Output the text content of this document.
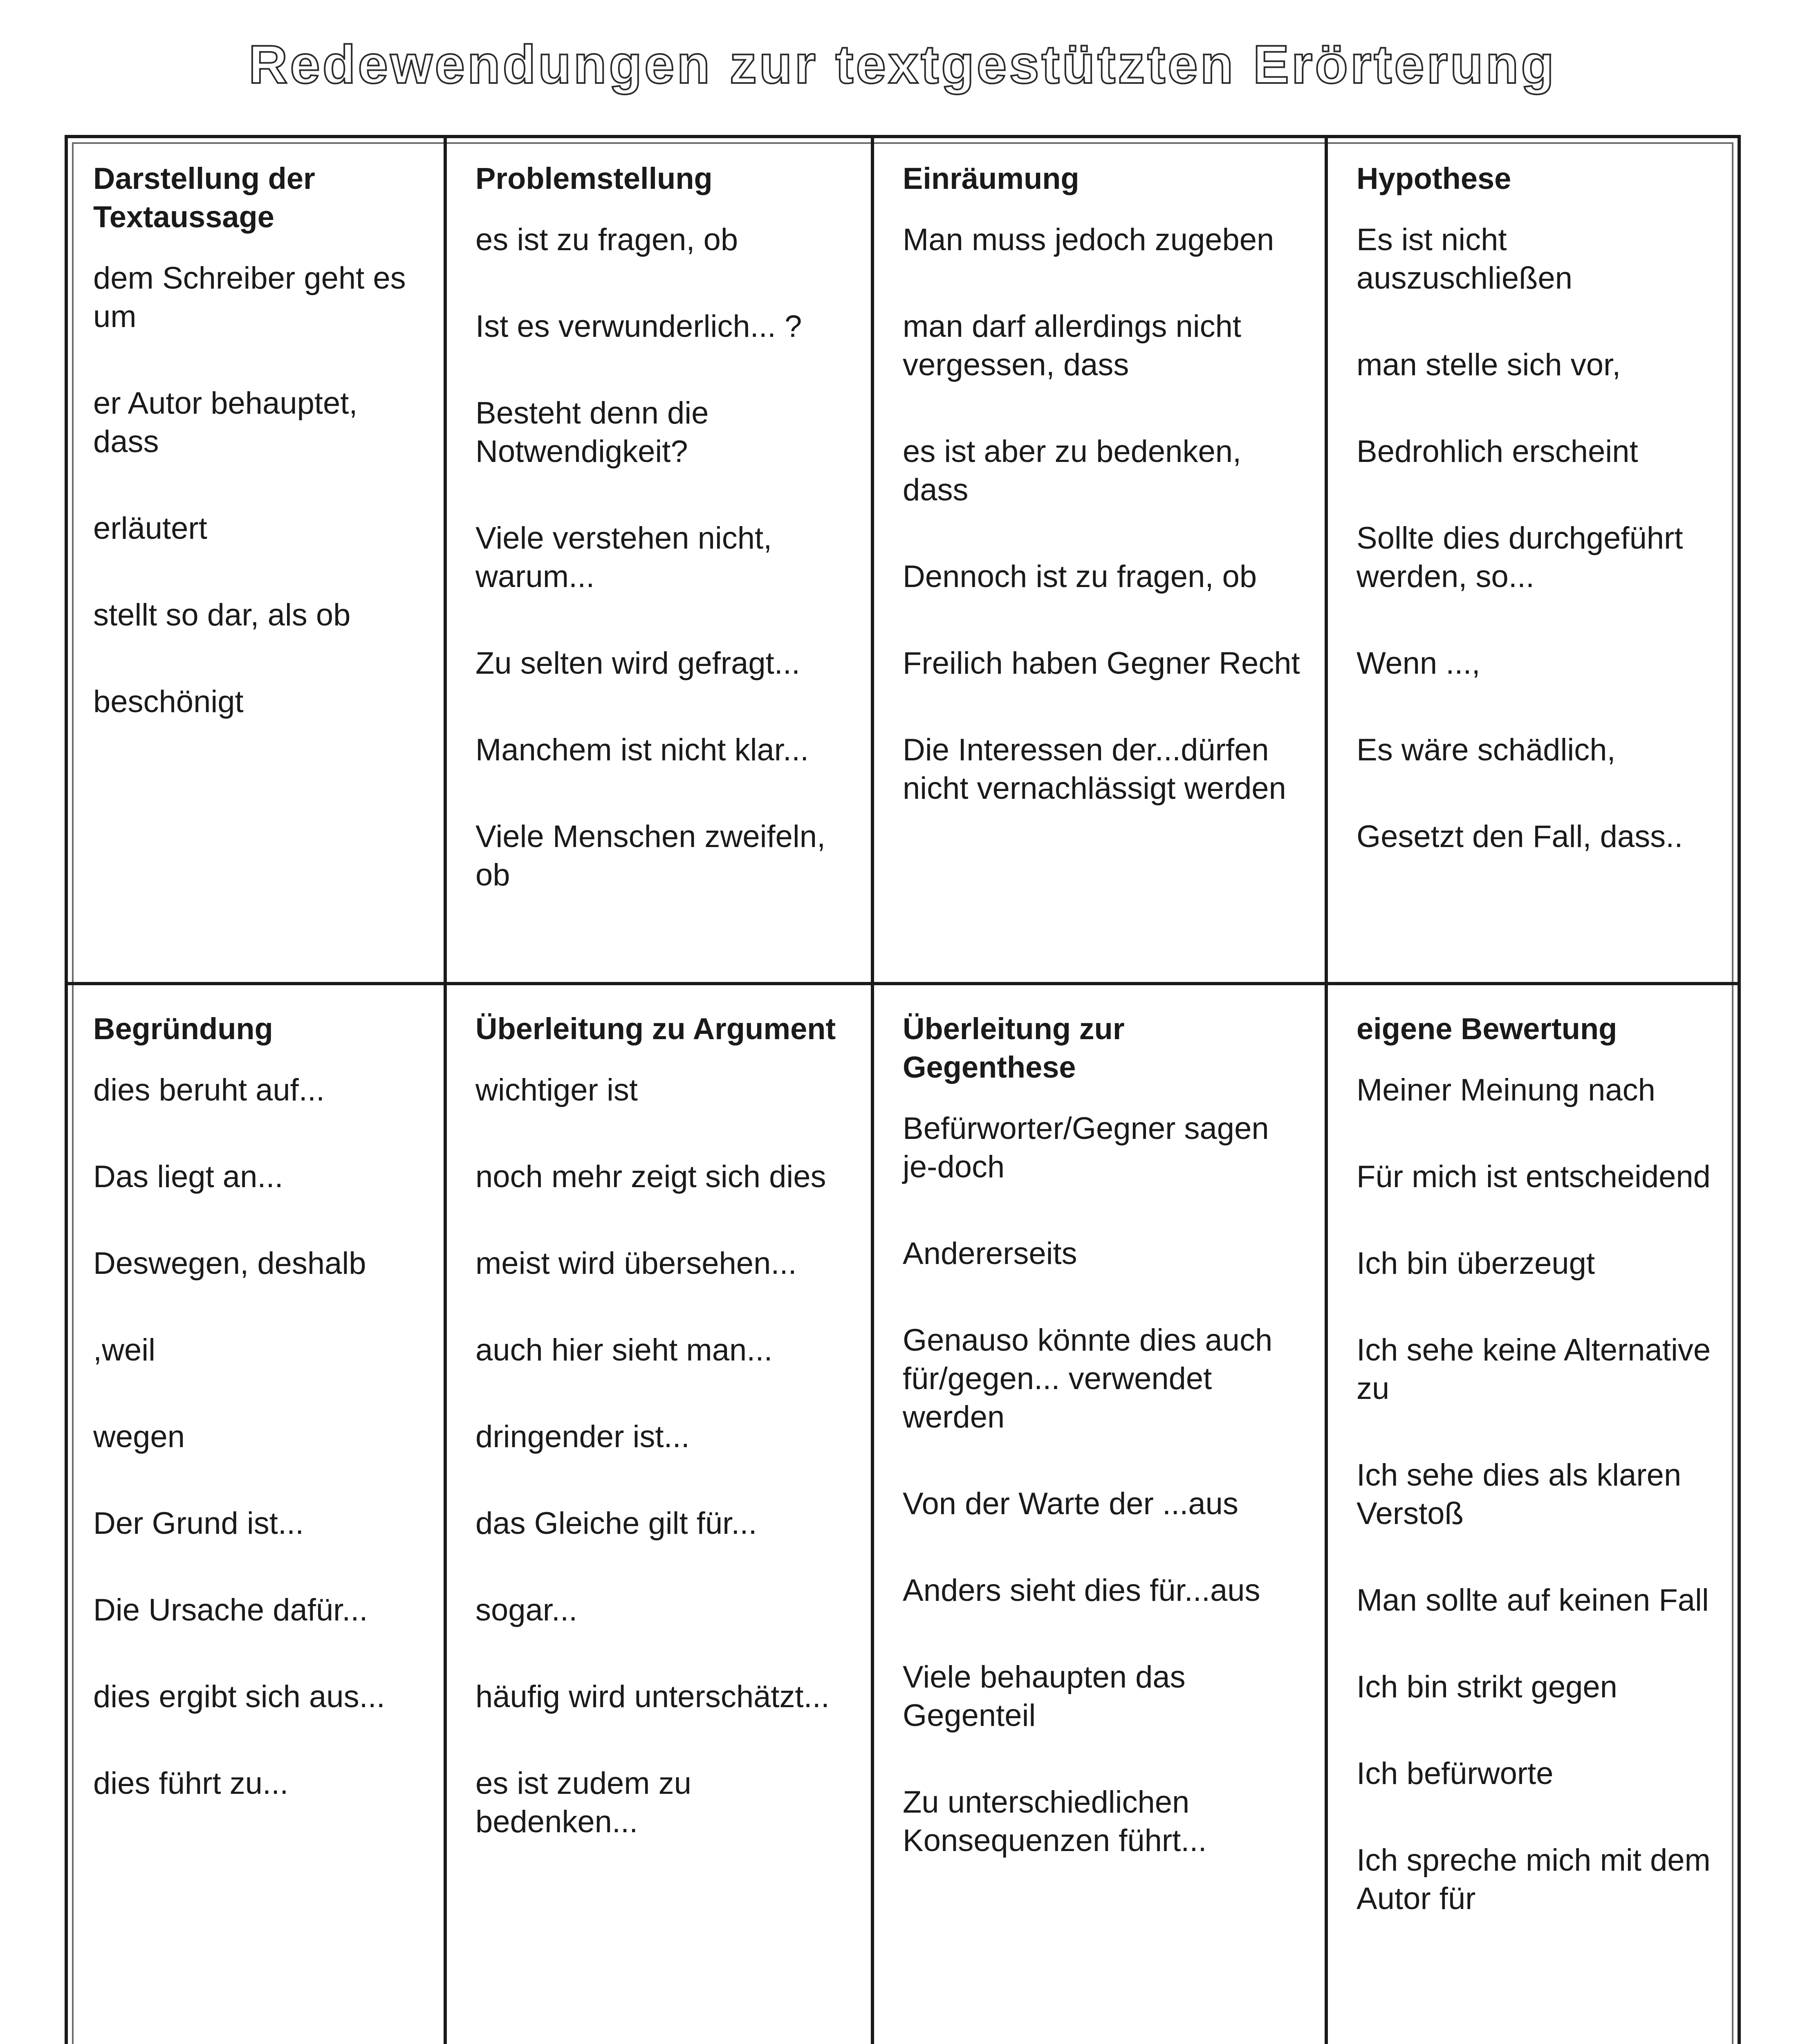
Redewendungen zur textgestützten Erörterung
Darstellung der Textaussage
dem Schreiber geht es um
er Autor behauptet, dass
erläutert
stellt so dar, als ob
beschönigt
Problemstellung
es ist zu fragen, ob
Ist es verwunderlich... ?
Besteht denn die Notwendigkeit?
Viele verstehen nicht, warum...
Zu selten wird gefragt...
Manchem ist nicht klar...
Viele Menschen zweifeln, ob
Einräumung
Man muss jedoch zugeben
man darf allerdings nicht vergessen, dass
es ist aber zu bedenken, dass
Dennoch ist zu fragen, ob
Freilich haben Gegner Recht
Die Interessen der...dürfen nicht vernachlässigt werden
Hypothese
Es ist nicht auszuschließen
man stelle sich vor,
Bedrohlich erscheint
Sollte dies durchgeführt werden, so...
Wenn ...,
Es wäre schädlich,
Gesetzt den Fall, dass..
Begründung
dies beruht auf...
Das liegt an...
Deswegen, deshalb
,weil
wegen
Der Grund ist...
Die Ursache dafür...
dies ergibt sich aus...
dies führt zu...
Überleitung zu Argument
wichtiger ist
noch mehr zeigt sich dies
meist wird übersehen...
auch hier sieht man...
dringender ist...
das Gleiche gilt für...
sogar...
häufig wird unterschätzt...
es ist zudem zu bedenken...
Überleitung zur Gegenthese
Befürworter/Gegner sagen je-doch
Andererseits
Genauso könnte dies auch für/gegen... verwendet werden
Von der Warte der ...aus
Anders sieht dies für...aus
Viele behaupten das Gegenteil
Zu unterschiedlichen Konsequenzen führt...
eigene Bewertung
Meiner Meinung nach
Für mich ist entscheidend
Ich bin überzeugt
Ich sehe keine Alternative zu
Ich sehe dies als klaren Verstoß
Man sollte auf keinen Fall
Ich bin strikt gegen
Ich befürworte
Ich spreche mich mit dem Autor für
